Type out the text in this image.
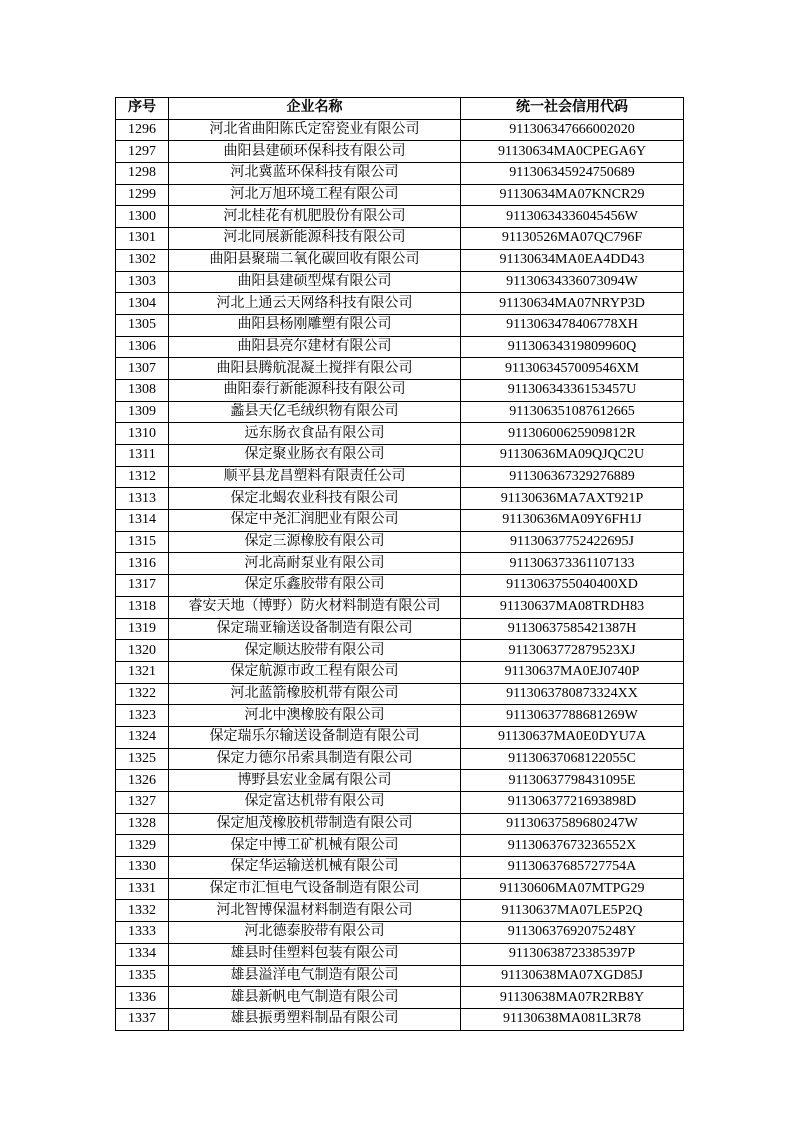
序号	企业名称	统一社会信用代码
1296	河北省曲阳陈氏定窑瓷业有限公司	911306347666002020
1297	曲阳县建硕环保科技有限公司	91130634MA0CPEGA6Y
1298	河北冀蓝环保科技有限公司	911306345924750689
1299	河北万旭环境工程有限公司	91130634MA07KNCR29
1300	河北桂花有机肥股份有限公司	91130634336045456W
1301	河北同展新能源科技有限公司	91130526MA07QC796F
1302	曲阳县聚瑞二氧化碳回收有限公司	91130634MA0EA4DD43
1303	曲阳县建硕型煤有限公司	91130634336073094W
1304	河北上通云天网络科技有限公司	91130634MA07NRYP3D
1305	曲阳县杨刚雕塑有限公司	9113063478406778XH
1306	曲阳县亮尔建材有限公司	91130634319809960Q
1307	曲阳县腾航混凝土搅拌有限公司	9113063457009546XM
1308	曲阳泰行新能源科技有限公司	91130634336153457U
1309	蠡县天亿毛绒织物有限公司	911306351087612665
1310	远东肠衣食品有限公司	91130600625909812R
1311	保定聚业肠衣有限公司	91130636MA09QJQC2U
1312	顺平县龙昌塑料有限责任公司	911306367329276889
1313	保定北蝎农业科技有限公司	91130636MA7AXT921P
1314	保定中尧汇润肥业有限公司	91130636MA09Y6FH1J
1315	保定三源橡胶有限公司	91130637752422695J
1316	河北高耐泵业有限公司	911306373361107133
1317	保定乐鑫胶带有限公司	9113063755040400XD
1318	睿安天地（博野）防火材料制造有限公司	91130637MA08TRDH83
1319	保定瑞亚输送设备制造有限公司	91130637585421387H
1320	保定顺达胶带有限公司	9113063772879523XJ
1321	保定航源市政工程有限公司	91130637MA0EJ0740P
1322	河北蓝箭橡胶机带有限公司	9113063780873324XX
1323	河北中澳橡胶有限公司	91130637788681269W
1324	保定瑞乐尔输送设备制造有限公司	91130637MA0E0DYU7A
1325	保定力德尔吊索具制造有限公司	91130637068122055C
1326	博野县宏业金属有限公司	91130637798431095E
1327	保定富达机带有限公司	91130637721693898D
1328	保定旭茂橡胶机带制造有限公司	91130637589680247W
1329	保定中博工矿机械有限公司	91130637673236552X
1330	保定华运输送机械有限公司	91130637685727754A
1331	保定市汇恒电气设备制造有限公司	91130606MA07MTPG29
1332	河北智博保温材料制造有限公司	91130637MA07LE5P2Q
1333	河北德泰胶带有限公司	91130637692075248Y
1334	雄县时佳塑料包装有限公司	91130638723385397P
1335	雄县溢洋电气制造有限公司	91130638MA07XGD85J
1336	雄县新帆电气制造有限公司	91130638MA07R2RB8Y
1337	雄县振勇塑料制品有限公司	91130638MA081L3R78
